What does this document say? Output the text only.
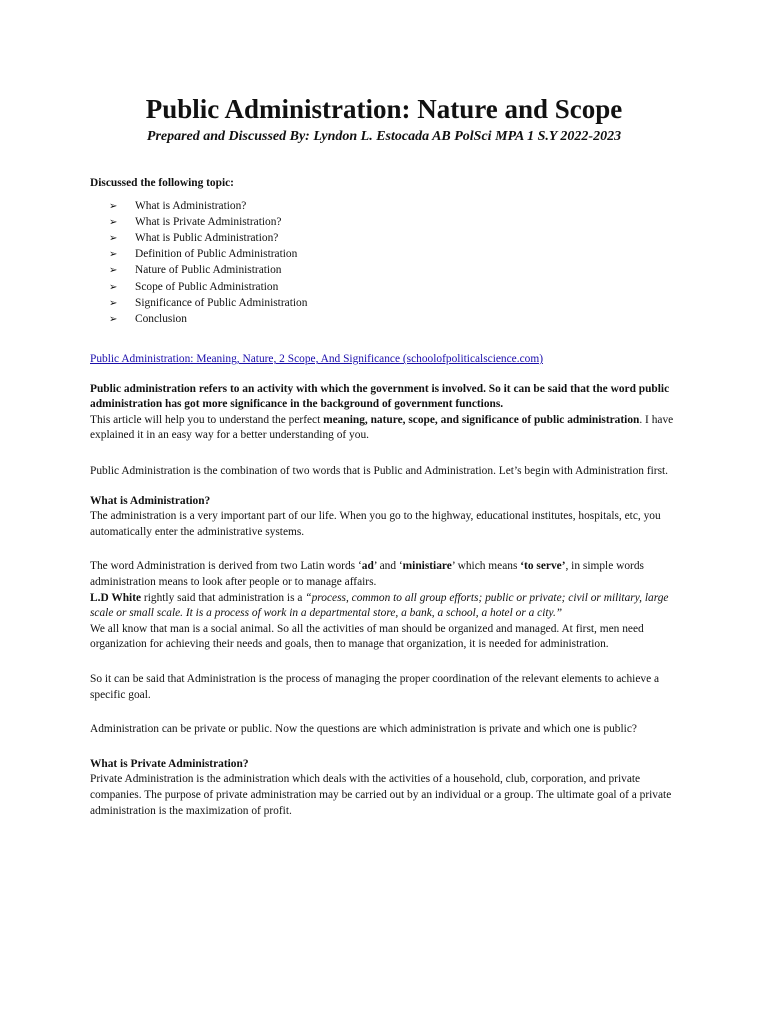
Public Administration: Nature and Scope
Prepared and Discussed By: Lyndon L. Estocada AB PolSci MPA 1 S.Y 2022-2023

Discussed the following topic:

➢	What is Administration?
➢	What is Private Administration?
➢	What is Public Administration?
➢	Definition of Public Administration
➢	Nature of Public Administration
➢	Scope of Public Administration
➢	Significance of Public Administration
➢	Conclusion

Public Administration: Meaning, Nature, 2 Scope, And Significance (schoolofpoliticalscience.com)

Public administration refers to an activity with which the government is involved. So it can be said that the word public administration has got more significance in the background of government functions.
This article will help you to understand the perfect meaning, nature, scope, and significance of public administration. I have explained it in an easy way for a better understanding of you.

Public Administration is the combination of two words that is Public and Administration. Let’s begin with Administration first.

What is Administration?

The administration is a very important part of our life. When you go to the highway, educational institutes, hospitals, etc, you automatically enter the administrative systems.

The word Administration is derived from two Latin words ‘ad’ and ‘ministiare’ which means ‘to serve’, in simple words administration means to look after people or to manage affairs.
L.D White rightly said that administration is a “process, common to all group efforts; public or private; civil or military, large scale or small scale. It is a process of work in a departmental store, a bank, a school, a hotel or a city.”

We all know that man is a social animal. So all the activities of man should be organized and managed. At first, men need organization for achieving their needs and goals, then to manage that organization, it is needed for administration.

So it can be said that Administration is the process of managing the proper coordination of the relevant elements to achieve a specific goal.

Administration can be private or public. Now the questions are which administration is private and which one is public?

What is Private Administration?

Private Administration is the administration which deals with the activities of a household, club, corporation, and private companies. The purpose of private administration may be carried out by an individual or a group. The ultimate goal of a private administration is the maximization of profit.
